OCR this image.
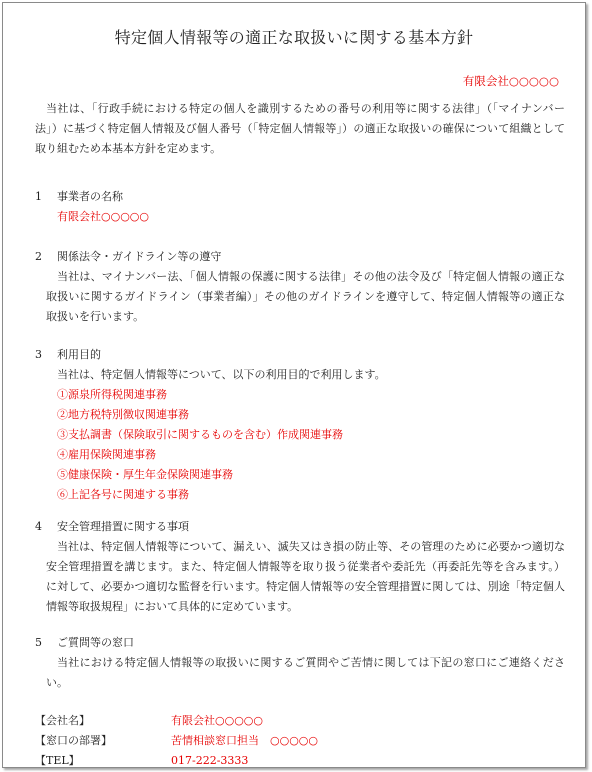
特定個人情報等の適正な取扱いに関する基本方針
有限会社○○○○○
当社は、「行政手続における特定の個人を識別するための番号の利用等に関する法律」（「マイナンバー法」）に基づく特定個人情報及び個人番号（「特定個人情報等」）の適正な取扱いの確保について組織として取り組むため本基本方針を定めます。
1	事業者の名称
有限会社○○○○○
2	関係法令・ガイドライン等の遵守
当社は、マイナンバー法、「個人情報の保護に関する法律」その他の法令及び「特定個人情報の適正な取扱いに関するガイドライン（事業者編）」その他のガイドラインを遵守して、特定個人情報等の適正な取扱いを行います。
3	利用目的
当社は、特定個人情報等について、以下の利用目的で利用します。
①源泉所得税関連事務
②地方税特別徴収関連事務
③支払調書（保険取引に関するものを含む）作成関連事務
④雇用保険関連事務
⑤健康保険・厚生年金保険関連事務
⑥上記各号に関連する事務
4	安全管理措置に関する事項
当社は、特定個人情報等について、漏えい、滅失又はき損の防止等、その管理のために必要かつ適切な安全管理措置を講じます。また、特定個人情報等を取り扱う従業者や委託先（再委託先等を含みます。）に対して、必要かつ適切な監督を行います。特定個人情報等の安全管理措置に関しては、別途「特定個人情報等取扱規程」において具体的に定めています。
5	ご質問等の窓口
当社における特定個人情報等の取扱いに関するご質問やご苦情に関しては下記の窓口にご連絡ください。
【会社名】	有限会社○○○○○
【窓口の部署】	苦情相談窓口担当　○○○○○
【TEL】	017-222-3333
